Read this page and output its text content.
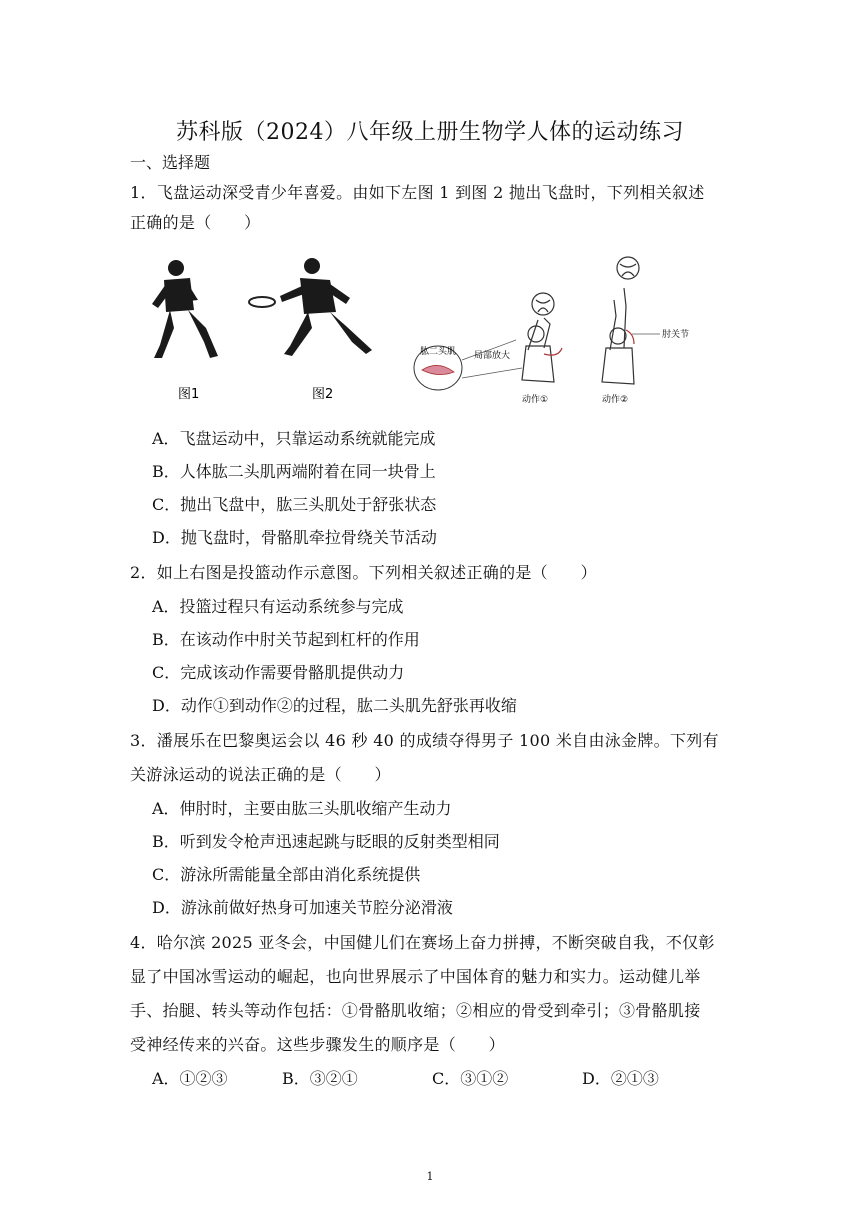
苏科版（2024）八年级上册生物学人体的运动练习
一、选择题
1．飞盘运动深受青少年喜爱。由如下左图 1 到图 2 抛出飞盘时，下列相关叙述
正确的是（　　）
图1	图2
肱二头肌 局部放大
动作①
肘关节
动作②
A．飞盘运动中，只靠运动系统就能完成
B．人体肱二头肌两端附着在同一块骨上
C．抛出飞盘中，肱三头肌处于舒张状态
D．抛飞盘时，骨骼肌牵拉骨绕关节活动
2．如上右图是投篮动作示意图。下列相关叙述正确的是（　　）
A．投篮过程只有运动系统参与完成
B．在该动作中肘关节起到杠杆的作用
C．完成该动作需要骨骼肌提供动力
D．动作①到动作②的过程，肱二头肌先舒张再收缩
3．潘展乐在巴黎奥运会以 46 秒 40 的成绩夺得男子 100 米自由泳金牌。下列有
关游泳运动的说法正确的是（　　）
A．伸肘时，主要由肱三头肌收缩产生动力
B．听到发令枪声迅速起跳与眨眼的反射类型相同
C．游泳所需能量全部由消化系统提供
D．游泳前做好热身可加速关节腔分泌滑液
4．哈尔滨 2025 亚冬会，中国健儿们在赛场上奋力拼搏，不断突破自我，不仅彰
显了中国冰雪运动的崛起，也向世界展示了中国体育的魅力和实力。运动健儿举
手、抬腿、转头等动作包括：①骨骼肌收缩；②相应的骨受到牵引；③骨骼肌接
受神经传来的兴奋。这些步骤发生的顺序是（　　）
A．①②③	B．③②①	C．③①②	D．②①③
1
